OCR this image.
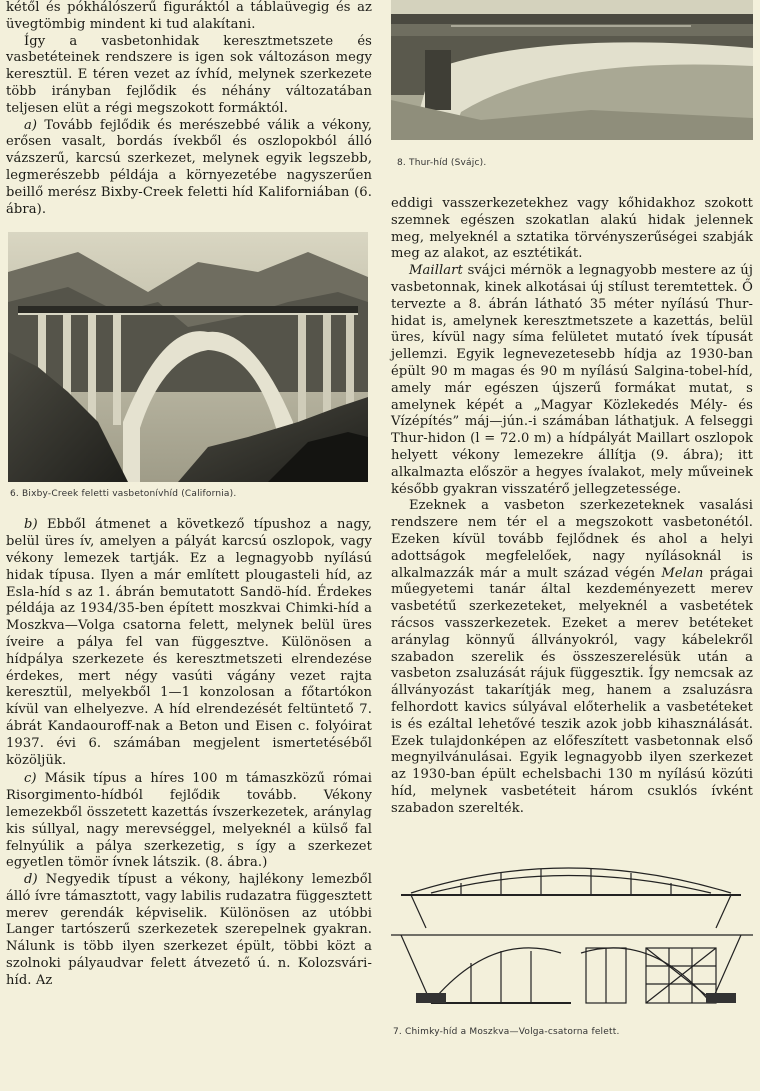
kétől és pókhálószerű figuráktól a táblaüvegig és az üvegtömbig mindent ki tud alakítani.

Így a vasbetonhidak keresztmetszete és vasbetéteinek rendszere is igen sok változáson megy keresztül. E téren vezet az ívhíd, melynek szerkezete több irányban fejlődik és néhány változatában teljesen elüt a régi megszokott formáktól.

a) Tovább fejlődik és merészebbé válik a vékony, erősen vasalt, bordás ívekből és oszlopokból álló vázszerű, karcsú szerkezet, melynek egyik legszebb, legmerészebb példája a környezetébe nagyszerűen beillő merész Bixby-Creek feletti híd Kaliforniában (6. ábra).

6. Bixby-Creek feletti vasbetonívhíd (California).

b) Ebből átmenet a következő típushoz a nagy, belül üres ív, amelyen a pályát karcsú oszlopok, vagy vékony lemezek tartják. Ez a legnagyobb nyílású hidak típusa. Ilyen a már említett plougasteli híd, az Esla-híd s az 1. ábrán bemutatott Sandö-híd. Érdekes példája az 1934/35-ben épített moszkvai Chimki-híd a Moszkva—Volga csatorna felett, melynek belül üres íveire a pálya fel van függesztve. Különösen a hídpálya szerkezete és keresztmetszeti elrendezése érdekes, mert négy vasúti vágány vezet rajta keresztül, melyekből 1—1 konzolosan a főtartókon kívül van elhelyezve. A híd elrendezését feltüntető 7. ábrát Kandaouroff-nak a Beton und Eisen c. folyóirat 1937. évi 6. számában megjelent ismertetéséből közöljük.

c) Másik típus a híres 100 m támaszközű római Risorgimento-hídból fejlődik tovább. Vékony lemezekből összetett kazettás ívszerkezetek, aránylag kis súllyal, nagy merevséggel, melyeknél a külső fal felnyúlik a pálya szerkezetig, s így a szerkezet egyetlen tömör ívnek látszik. (8. ábra.)

d) Negyedik típust a vékony, hajlékony lemezből álló ívre támasztott, vagy labilis rudazatra függesztett merev gerendák képviselik. Különösen az utóbbi Langer tartószerű szerkezetek szerepelnek gyakran. Nálunk is több ilyen szerkezet épült, többi közt a szolnoki pályaudvar felett átvezető ú. n. Kolozsvári-híd. Az

8. Thur-híd (Svájc).

eddigi vasszerkezetekhez vagy kőhidakhoz szokott szemnek egészen szokatlan alakú hidak jelennek meg, melyeknél a sztatika törvényszerűségei szabják meg az alakot, az esztétikát.

Maillart svájci mérnök a legnagyobb mestere az új vasbetonnak, kinek alkotásai új stílust teremtettek. Ő tervezte a 8. ábrán látható 35 méter nyílású Thur-hidat is, amelynek keresztmetszete a kazettás, belül üres, kívül nagy síma felületet mutató ívek típusát jellemzi. Egyik legnevezetesebb hídja az 1930-ban épült 90 m magas és 90 m nyílású Salgina-tobel-híd, amely már egészen újszerű formákat mutat, s amelynek képét a „Magyar Közlekedés Mély- és Vízépítés” máj—jún.-i számában láthatjuk. A felseggi Thur-hidon (l = 72.0 m) a hídpályát Maillart oszlopok helyett vékony lemezekre állítja (9. ábra); itt alkalmazta először a hegyes ívalakot, mely műveinek később gyakran visszatérő jellegzetessége.

Ezeknek a vasbeton szerkezeteknek vasalási rendszere nem tér el a megszokott vasbetonétól. Ezeken kívül tovább fejlődnek és ahol a helyi adottságok megfelelőek, nagy nyílásoknál is alkalmazzák már a mult század végén Melan prágai műegyetemi tanár által kezdeményezett merev vasbetétű szerkezeteket, melyeknél a vasbetétek rácsos vasszerkezetek. Ezeket a merev betéteket aránylag könnyű állványokról, vagy kábelekről szabadon szerelik és összeszerelésük után a vasbeton zsaluzását rájuk függesztik. Így nemcsak az állványozást takarítják meg, hanem a zsaluzásra felhordott kavics súlyával előterhelik a vasbetéteket is és ezáltal lehetővé teszik azok jobb kihasználását. Ezek tulajdonképen az előfeszített vasbetonnak első megnyilvánulásai. Egyik legnagyobb ilyen szerkezet az 1930-ban épült echelsbachi 130 m nyílású közúti híd, melynek vasbetéteit három csuklós ívként szabadon szerelték.

7. Chimky-híd a Moszkva—Volga-csatorna felett.
